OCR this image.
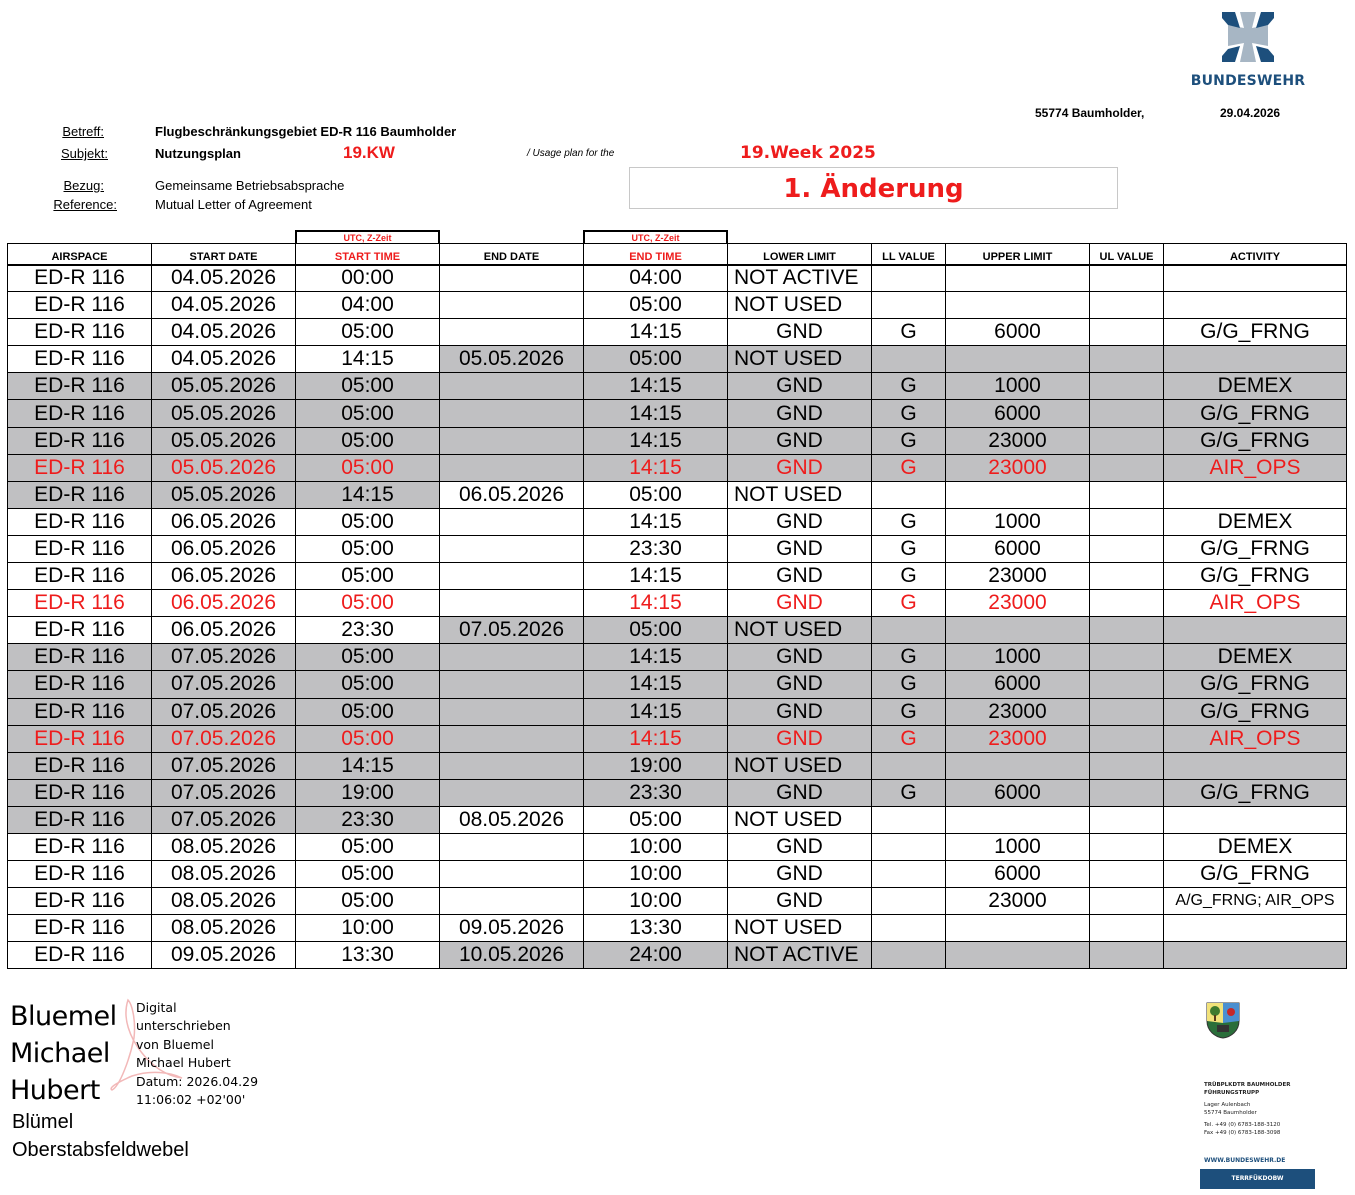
BUNDESWEHR
55774 Baumholder,	29.04.2026
Betreff:	Flugbeschränkungsgebiet ED-R 116 Baumholder
Subjekt:	Nutzungsplan	19.KW	/ Usage plan for the	19.Week 2025
Bezug:	Gemeinsame Betriebsabsprache
Reference:	Mutual Letter of Agreement
1. Änderung
UTC, Z-Zeit	UTC, Z-Zeit
AIRSPACE	START DATE	START TIME	END DATE	END TIME	LOWER LIMIT	LL VALUE	UPPER LIMIT	UL VALUE	ACTIVITY
ED-R 116	04.05.2026	00:00		04:00	NOT ACTIVE				
ED-R 116	04.05.2026	04:00		05:00	NOT USED				
ED-R 116	04.05.2026	05:00		14:15	GND	G	6000		G/G_FRNG
ED-R 116	04.05.2026	14:15	05.05.2026	05:00	NOT USED				
ED-R 116	05.05.2026	05:00		14:15	GND	G	1000		DEMEX
ED-R 116	05.05.2026	05:00		14:15	GND	G	6000		G/G_FRNG
ED-R 116	05.05.2026	05:00		14:15	GND	G	23000		G/G_FRNG
ED-R 116	05.05.2026	05:00		14:15	GND	G	23000		AIR_OPS
ED-R 116	05.05.2026	14:15	06.05.2026	05:00	NOT USED				
ED-R 116	06.05.2026	05:00		14:15	GND	G	1000		DEMEX
ED-R 116	06.05.2026	05:00		23:30	GND	G	6000		G/G_FRNG
ED-R 116	06.05.2026	05:00		14:15	GND	G	23000		G/G_FRNG
ED-R 116	06.05.2026	05:00		14:15	GND	G	23000		AIR_OPS
ED-R 116	06.05.2026	23:30	07.05.2026	05:00	NOT USED				
ED-R 116	07.05.2026	05:00		14:15	GND	G	1000		DEMEX
ED-R 116	07.05.2026	05:00		14:15	GND	G	6000		G/G_FRNG
ED-R 116	07.05.2026	05:00		14:15	GND	G	23000		G/G_FRNG
ED-R 116	07.05.2026	05:00		14:15	GND	G	23000		AIR_OPS
ED-R 116	07.05.2026	14:15		19:00	NOT USED				
ED-R 116	07.05.2026	19:00		23:30	GND	G	6000		G/G_FRNG
ED-R 116	07.05.2026	23:30	08.05.2026	05:00	NOT USED				
ED-R 116	08.05.2026	05:00		10:00	GND		1000		DEMEX
ED-R 116	08.05.2026	05:00		10:00	GND		6000		G/G_FRNG
ED-R 116	08.05.2026	05:00		10:00	GND		23000		A/G_FRNG; AIR_OPS
ED-R 116	08.05.2026	10:00	09.05.2026	13:30	NOT USED				
ED-R 116	09.05.2026	13:30	10.05.2026	24:00	NOT ACTIVE				
Bluemel
Michael
Hubert
Digital
unterschrieben
von Bluemel
Michael Hubert
Datum: 2026.04.29
11:06:02 +02'00'
Blümel
Oberstabsfeldwebel
TRÜBPLKDTR BAUMHOLDER
FÜHRUNGSTRUPP
Lager Aulenbach
55774 Baumholder
Tel. +49 (0) 6783-188-3120
Fax +49 (0) 6783-188-3098
WWW.BUNDESWEHR.DE
TERRFÜKDOBW
